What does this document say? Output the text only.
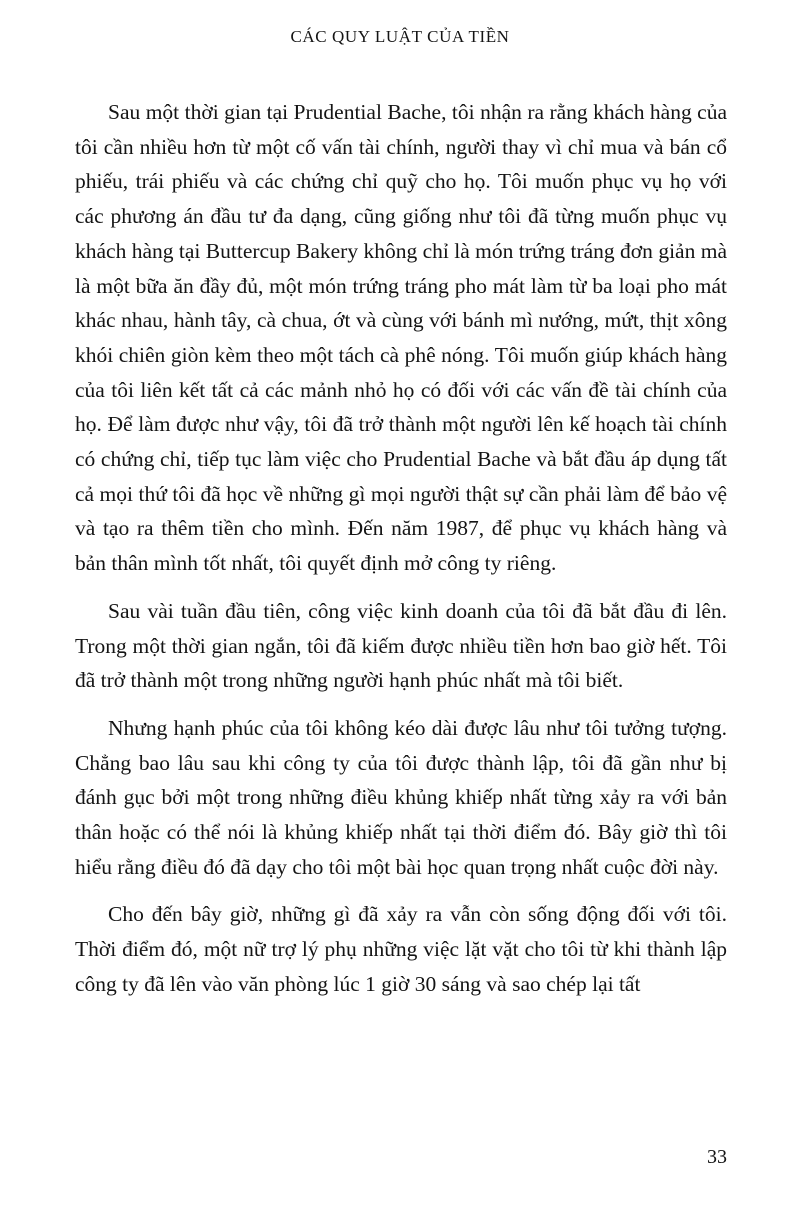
CÁC QUY LUẬT CỦA TIỀN

Sau một thời gian tại Prudential Bache, tôi nhận ra rằng khách hàng của tôi cần nhiều hơn từ một cố vấn tài chính, người thay vì chỉ mua và bán cổ phiếu, trái phiếu và các chứng chỉ quỹ cho họ. Tôi muốn phục vụ họ với các phương án đầu tư đa dạng, cũng giống như tôi đã từng muốn phục vụ khách hàng tại Buttercup Bakery không chỉ là món trứng tráng đơn giản mà là một bữa ăn đầy đủ, một món trứng tráng pho mát làm từ ba loại pho mát khác nhau, hành tây, cà chua, ớt và cùng với bánh mì nướng, mứt, thịt xông khói chiên giòn kèm theo một tách cà phê nóng. Tôi muốn giúp khách hàng của tôi liên kết tất cả các mảnh nhỏ họ có đối với các vấn đề tài chính của họ. Để làm được như vậy, tôi đã trở thành một người lên kế hoạch tài chính có chứng chỉ, tiếp tục làm việc cho Prudential Bache và bắt đầu áp dụng tất cả mọi thứ tôi đã học về những gì mọi người thật sự cần phải làm để bảo vệ và tạo ra thêm tiền cho mình. Đến năm 1987, để phục vụ khách hàng và bản thân mình tốt nhất, tôi quyết định mở công ty riêng.

Sau vài tuần đầu tiên, công việc kinh doanh của tôi đã bắt đầu đi lên. Trong một thời gian ngắn, tôi đã kiếm được nhiều tiền hơn bao giờ hết. Tôi đã trở thành một trong những người hạnh phúc nhất mà tôi biết.

Nhưng hạnh phúc của tôi không kéo dài được lâu như tôi tưởng tượng. Chẳng bao lâu sau khi công ty của tôi được thành lập, tôi đã gần như bị đánh gục bởi một trong những điều khủng khiếp nhất từng xảy ra với bản thân hoặc có thể nói là khủng khiếp nhất tại thời điểm đó. Bây giờ thì tôi hiểu rằng điều đó đã dạy cho tôi một bài học quan trọng nhất cuộc đời này.

Cho đến bây giờ, những gì đã xảy ra vẫn còn sống động đối với tôi. Thời điểm đó, một nữ trợ lý phụ những việc lặt vặt cho tôi từ khi thành lập công ty đã lên vào văn phòng lúc 1 giờ 30 sáng và sao chép lại tất

33
